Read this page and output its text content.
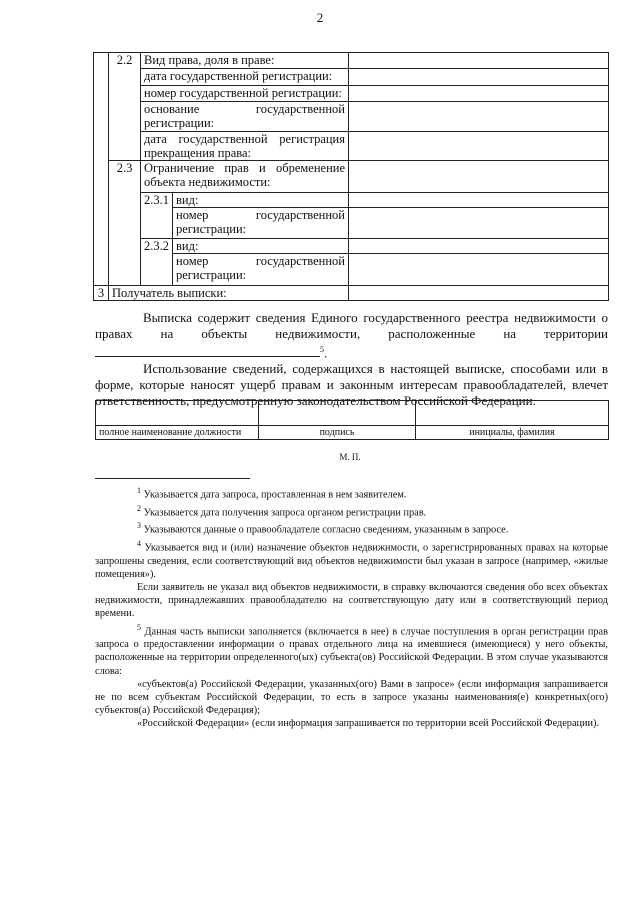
2
	2.2	Вид права, доля в праве:		
		дата государственной регистрации:		
		номер государственной регистрации:		

		основание государственной
регистрации:		

		дата государственной регистрация
прекращения права:		

	2.3	Ограничение прав и обременение
объекта недвижимости:		

		2.3.1	вид:	

			номер государственной
регистрации:	

		2.3.2	вид:	

			номер государственной
регистрации:	

3	Получатель выписки:			

Выписка содержит сведения Единого государственного реестра недвижимости о правах на объекты недвижимости, расположенные на территории $^5$.

Использование сведений, содержащихся в настоящей выписке, способами или в форме, которые наносят ущерб правам и законным интересам правообладателей, влечет ответственность, предусмотренную законодательством Российской Федерации.

полное наименование должности	подпись	инициалы, фамилия
М. П.

$^1$ Указывается дата запроса, проставленная в нем заявителем.

$^2$ Указывается дата получения запроса органом регистрации прав.

$^3$ Указываются данные о правообладателе согласно сведениям, указанным в запросе.

$^4$ Указывается вид и (или) назначение объектов недвижимости, о зарегистрированных правах на которые запрошены сведения, если соответствующий вид объектов недвижимости был указан в запросе (например, «жилые помещения»).

Если заявитель не указал вид объектов недвижимости, в справку включаются сведения обо всех объектах недвижимости, принадлежавших правообладателю на соответствующую дату или в соответствующий период времени.

$^5$ Данная часть выписки заполняется (включается в нее) в случае поступления в орган регистрации прав запроса о предоставлении информации о правах отдельного лица на имевшиеся (имеющиеся) у него объекты, расположенные на территории определенного(ых) субъекта(ов) Российской Федерации. В этом случае указываются слова:

«субъектов(а) Российской Федерации, указанных(ого) Вами в запросе» (если информация запрашивается не по всем субъектам Российской Федерации, то есть в запросе указаны наименования(е) конкретных(ого) субъектов(а) Российской Федерация);

«Российской Федерации» (если информация запрашивается по территории всей Российской Федерации).
